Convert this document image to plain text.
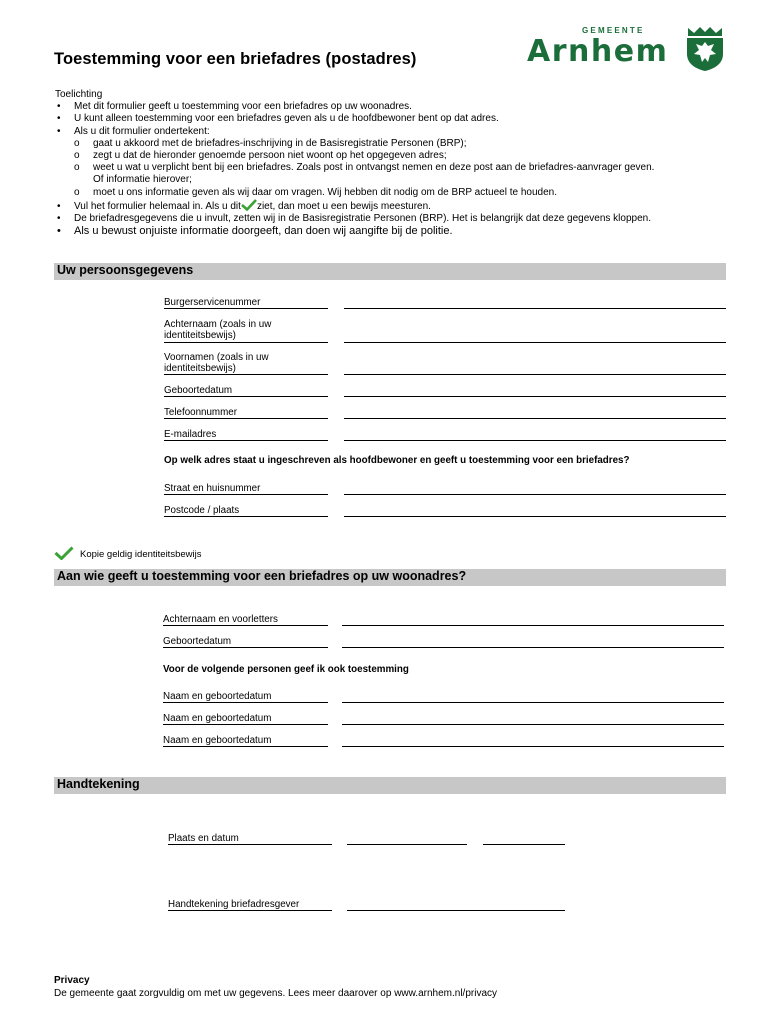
Toestemming voor een briefadres (postadres)
GEMEENTE
Arnhem
Toelichting
• Met dit formulier geeft u toestemming voor een briefadres op uw woonadres.
• U kunt alleen toestemming voor een briefadres geven als u de hoofdbewoner bent op dat adres.
• Als u dit formulier ondertekent:
o gaat u akkoord met de briefadres-inschrijving in de Basisregistratie Personen (BRP);
o zegt u dat de hieronder genoemde persoon niet woont op het opgegeven adres;
o weet u wat u verplicht bent bij een briefadres. Zoals post in ontvangst nemen en deze post aan de briefadres-aanvrager geven.
Of informatie hierover;
o moet u ons informatie geven als wij daar om vragen. Wij hebben dit nodig om de BRP actueel te houden.
• Vul het formulier helemaal in. Als u dit ziet, dan moet u een bewijs meesturen.
• De briefadresgegevens die u invult, zetten wij in de Basisregistratie Personen (BRP). Het is belangrijk dat deze gegevens kloppen.
• Als u bewust onjuiste informatie doorgeeft, dan doen wij aangifte bij de politie.
Uw persoonsgegevens
Burgerservicenummer
Achternaam (zoals in uw identiteitsbewijs)
Voornamen (zoals in uw identiteitsbewijs)
Geboortedatum
Telefoonnummer
E-mailadres
Op welk adres staat u ingeschreven als hoofdbewoner en geeft u toestemming voor een briefadres?
Straat en huisnummer
Postcode / plaats
Kopie geldig identiteitsbewijs
Aan wie geeft u toestemming voor een briefadres op uw woonadres?
Achternaam en voorletters
Geboortedatum
Voor de volgende personen geef ik ook toestemming
Naam en geboortedatum
Naam en geboortedatum
Naam en geboortedatum
Handtekening
Plaats en datum
Handtekening briefadresgever
Privacy
De gemeente gaat zorgvuldig om met uw gegevens. Lees meer daarover op www.arnhem.nl/privacy
